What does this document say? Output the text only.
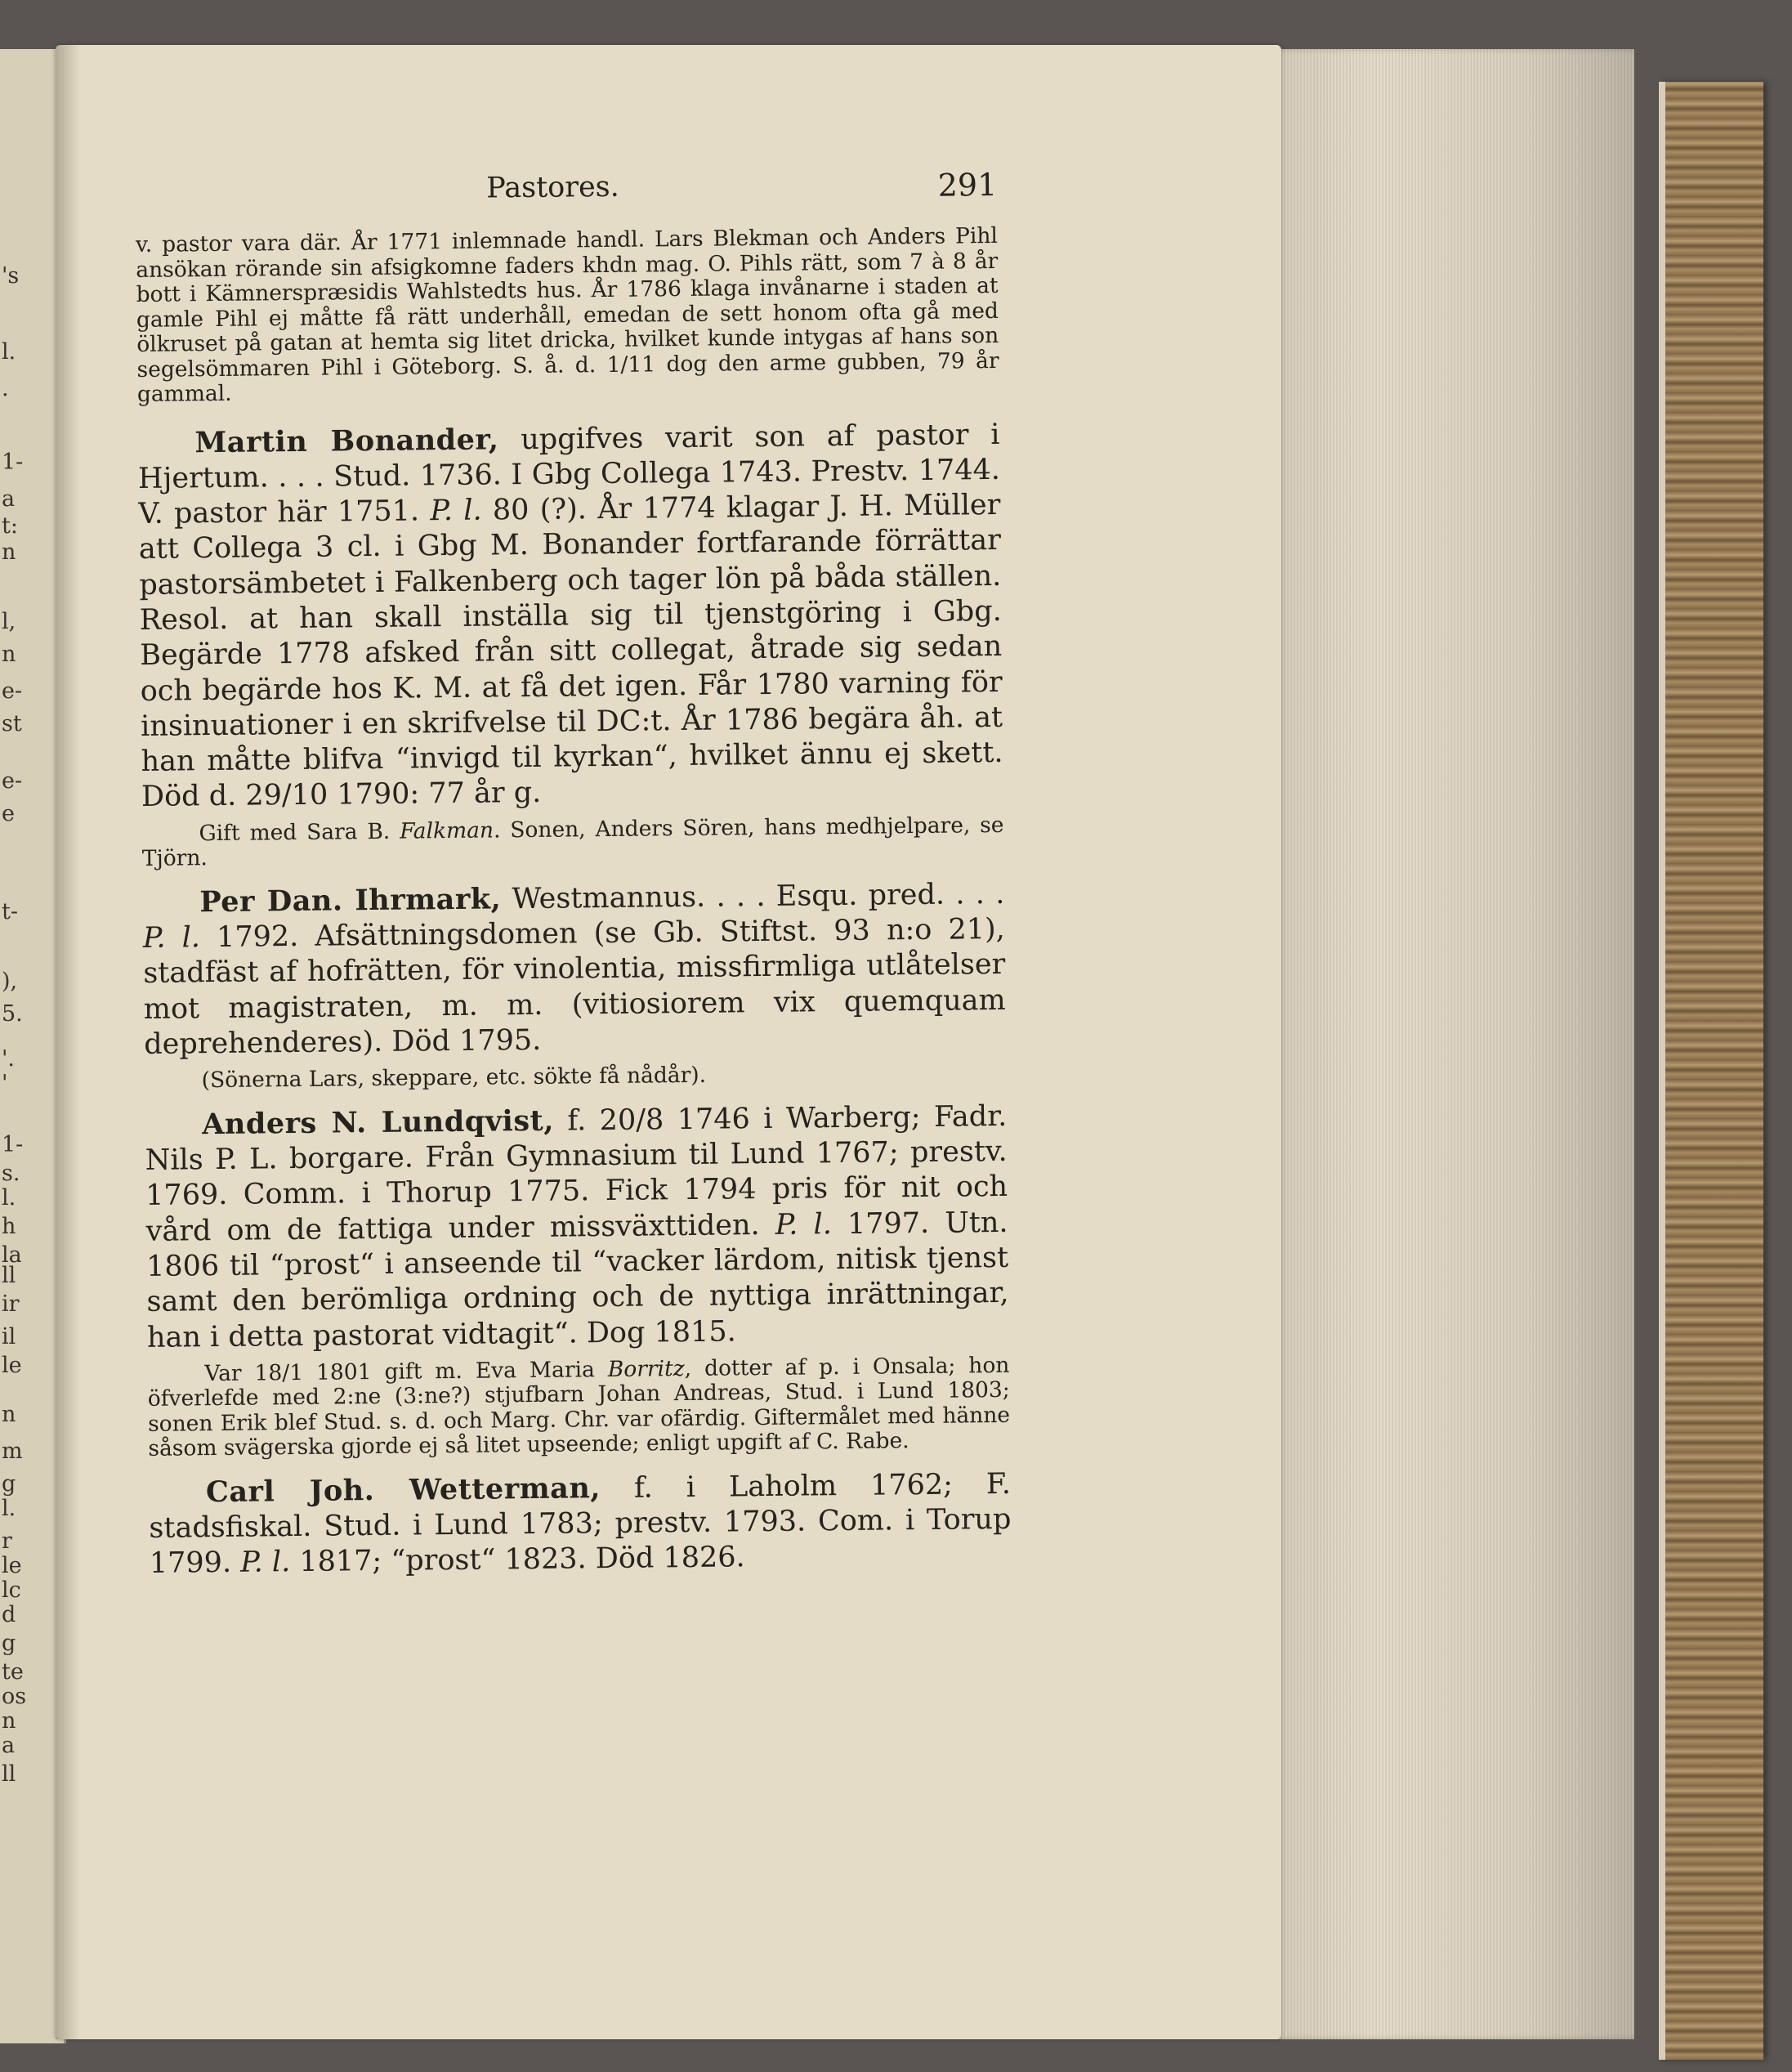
's
l.
.
1-
a
t:
n
l,
n
e-
st
e-
e
t-
),
5.
'.
'
1-
s.
l.
h
la
ll
ir
il
le
n
m
g
l.
r
le
lc
d
g
te
os
n
a
ll
Pastores.	291

v. pastor vara där. År 1771 inlemnade handl. Lars Blekman och Anders Pihl ansökan rörande sin afsigkomne faders khdn mag. O. Pihls rätt, som 7 à 8 år bott i Kämnerspræsidis Wahlstedts hus. År 1786 klaga invånarne i staden at gamle Pihl ej måtte få rätt underhåll, emedan de sett honom ofta gå med ölkruset på gatan at hemta sig litet dricka, hvilket kunde intygas af hans son segelsömmaren Pihl i Göteborg. S. å. d. 1/11 dog den arme gubben, 79 år gammal.

Martin Bonander, upgifves varit son af pastor i Hjertum. . . . Stud. 1736. I Gbg Collega 1743. Prestv. 1744. V. pastor här 1751. P. l. 80 (?). År 1774 klagar J. H. Müller att Collega 3 cl. i Gbg M. Bonander fortfarande förrättar pastorsämbetet i Falkenberg och tager lön på båda ställen. Resol. at han skall inställa sig til tjenstgöring i Gbg. Begärde 1778 afsked från sitt collegat, åtrade sig sedan och begärde hos K. M. at få det igen. Får 1780 varning för insinuationer i en skrifvelse til DC:t. År 1786 begära åh. at han måtte blifva “invigd til kyrkan“, hvilket ännu ej skett. Död d. 29/10 1790: 77 år g.

Gift med Sara B. Falkman. Sonen, Anders Sören, hans medhjelpare, se Tjörn.

Per Dan. Ihrmark, Westmannus. . . . Esqu. pred. . . . P. l. 1792. Afsättningsdomen (se Gb. Stiftst. 93 n:o 21), stadfäst af hofrätten, för vinolentia, missfirmliga utlåtelser mot magistraten, m. m. (vitiosiorem vix quemquam deprehenderes). Död 1795.

(Sönerna Lars, skeppare, etc. sökte få nådår).

Anders N. Lundqvist, f. 20/8 1746 i Warberg; Fadr. Nils P. L. borgare. Från Gymnasium til Lund 1767; prestv. 1769. Comm. i Thorup 1775. Fick 1794 pris för nit och vård om de fattiga under missväxttiden. P. l. 1797. Utn. 1806 til “prost“ i anseende til “vacker lärdom, nitisk tjenst samt den berömliga ordning och de nyttiga inrättningar, han i detta pastorat vidtagit“. Dog 1815.

Var 18/1 1801 gift m. Eva Maria Borritz, dotter af p. i Onsala; hon öfverlefde med 2:ne (3:ne?) stjufbarn Johan Andreas, Stud. i Lund 1803; sonen Erik blef Stud. s. d. och Marg. Chr. var ofärdig. Giftermålet med hänne såsom svägerska gjorde ej så litet upseende; enligt upgift af C. Rabe.

Carl Joh. Wetterman, f. i Laholm 1762; F. stadsfiskal. Stud. i Lund 1783; prestv. 1793. Com. i Torup 1799. P. l. 1817; “prost“ 1823. Död 1826.
